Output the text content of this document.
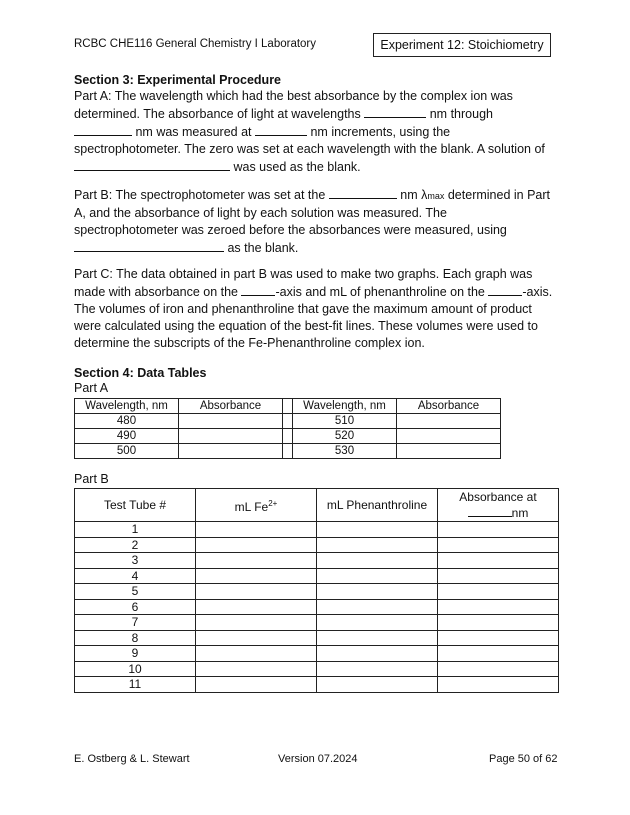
RCBC CHE116 General Chemistry I Laboratory	Experiment 12: Stoichiometry
Section 3: Experimental Procedure
Part A: The wavelength which had the best absorbance by the complex ion was determined. The absorbance of light at wavelengths	nm through  nm was measured at	nm increments, using the spectrophotometer. The zero was set at each wavelength with the blank. A solution of  was used as the blank.
Part B: The spectrophotometer was set at the	nm λmax determined in Part A, and the absorbance of light by each solution was measured. The spectrophotometer was zeroed before the absorbances were measured, using  as the blank.
Part C: The data obtained in part B was used to make two graphs. Each graph was made with absorbance on the	-axis and mL of phenanthroline on the	-axis. The volumes of iron and phenanthroline that gave the maximum amount of product were calculated using the equation of the best-fit lines. These volumes were used to determine the subscripts of the Fe-Phenanthroline complex ion.
Section 4: Data Tables
Part A
Wavelength, nm	Absorbance		Wavelength, nm	Absorbance
480			510	
490			520	
500			530	
Part B
Test Tube #	mL $Fe^{2+}$	mL Phenanthroline	Absorbance at
nm
1			
2			
3			
4			
5			
6			
7			
8			
9			
10			
11			
E. Ostberg & L. Stewart	Version 07.2024	Page 50 of 62
